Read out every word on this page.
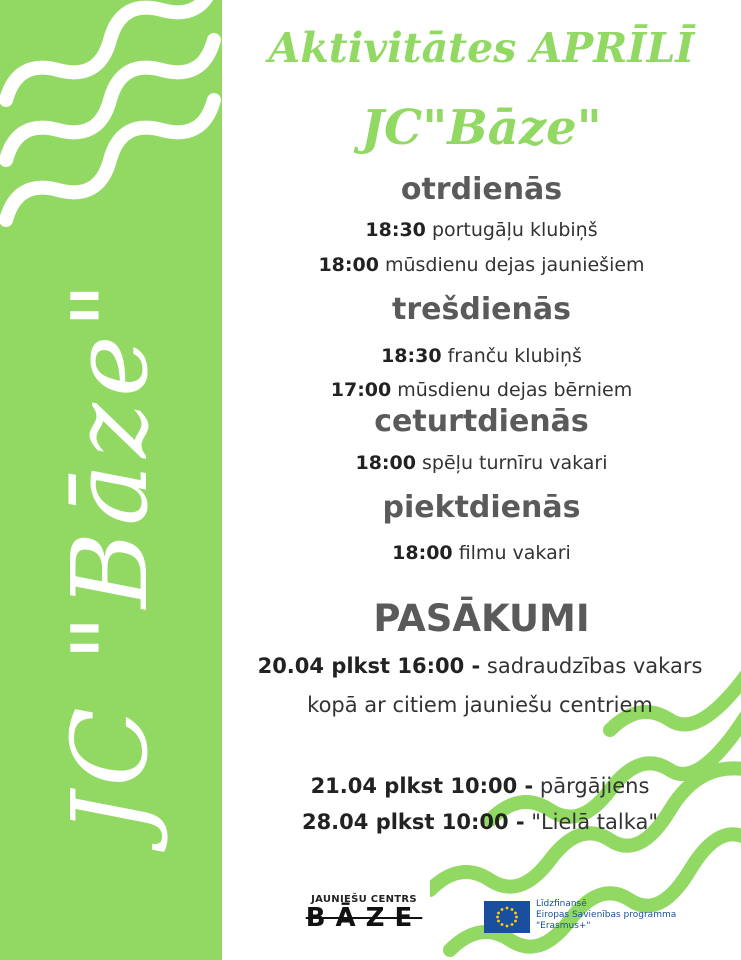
JC "Bāze"
Aktivitātes APRĪLĪ
JC"Bāze"
otrdienās
18:30 portugāļu klubiņš
18:00 mūsdienu dejas jauniešiem
trešdienās
18:30 franču klubiņš
17:00 mūsdienu dejas bērniem
ceturtdienās
18:00 spēļu turnīru vakari
piektdienās
18:00 filmu vakari
PASĀKUMI
20.04 plkst 16:00 - sadraudzības vakars kopā ar citiem jauniešu centriem
21.04 plkst 10:00 - pārgājiens
28.04 plkst 10:00 - "Lielā talka"
JAUNIEŠU CENTRS
BĀZE	Līdzfinansē
Eiropas Savienības programma
"Erasmus+"
